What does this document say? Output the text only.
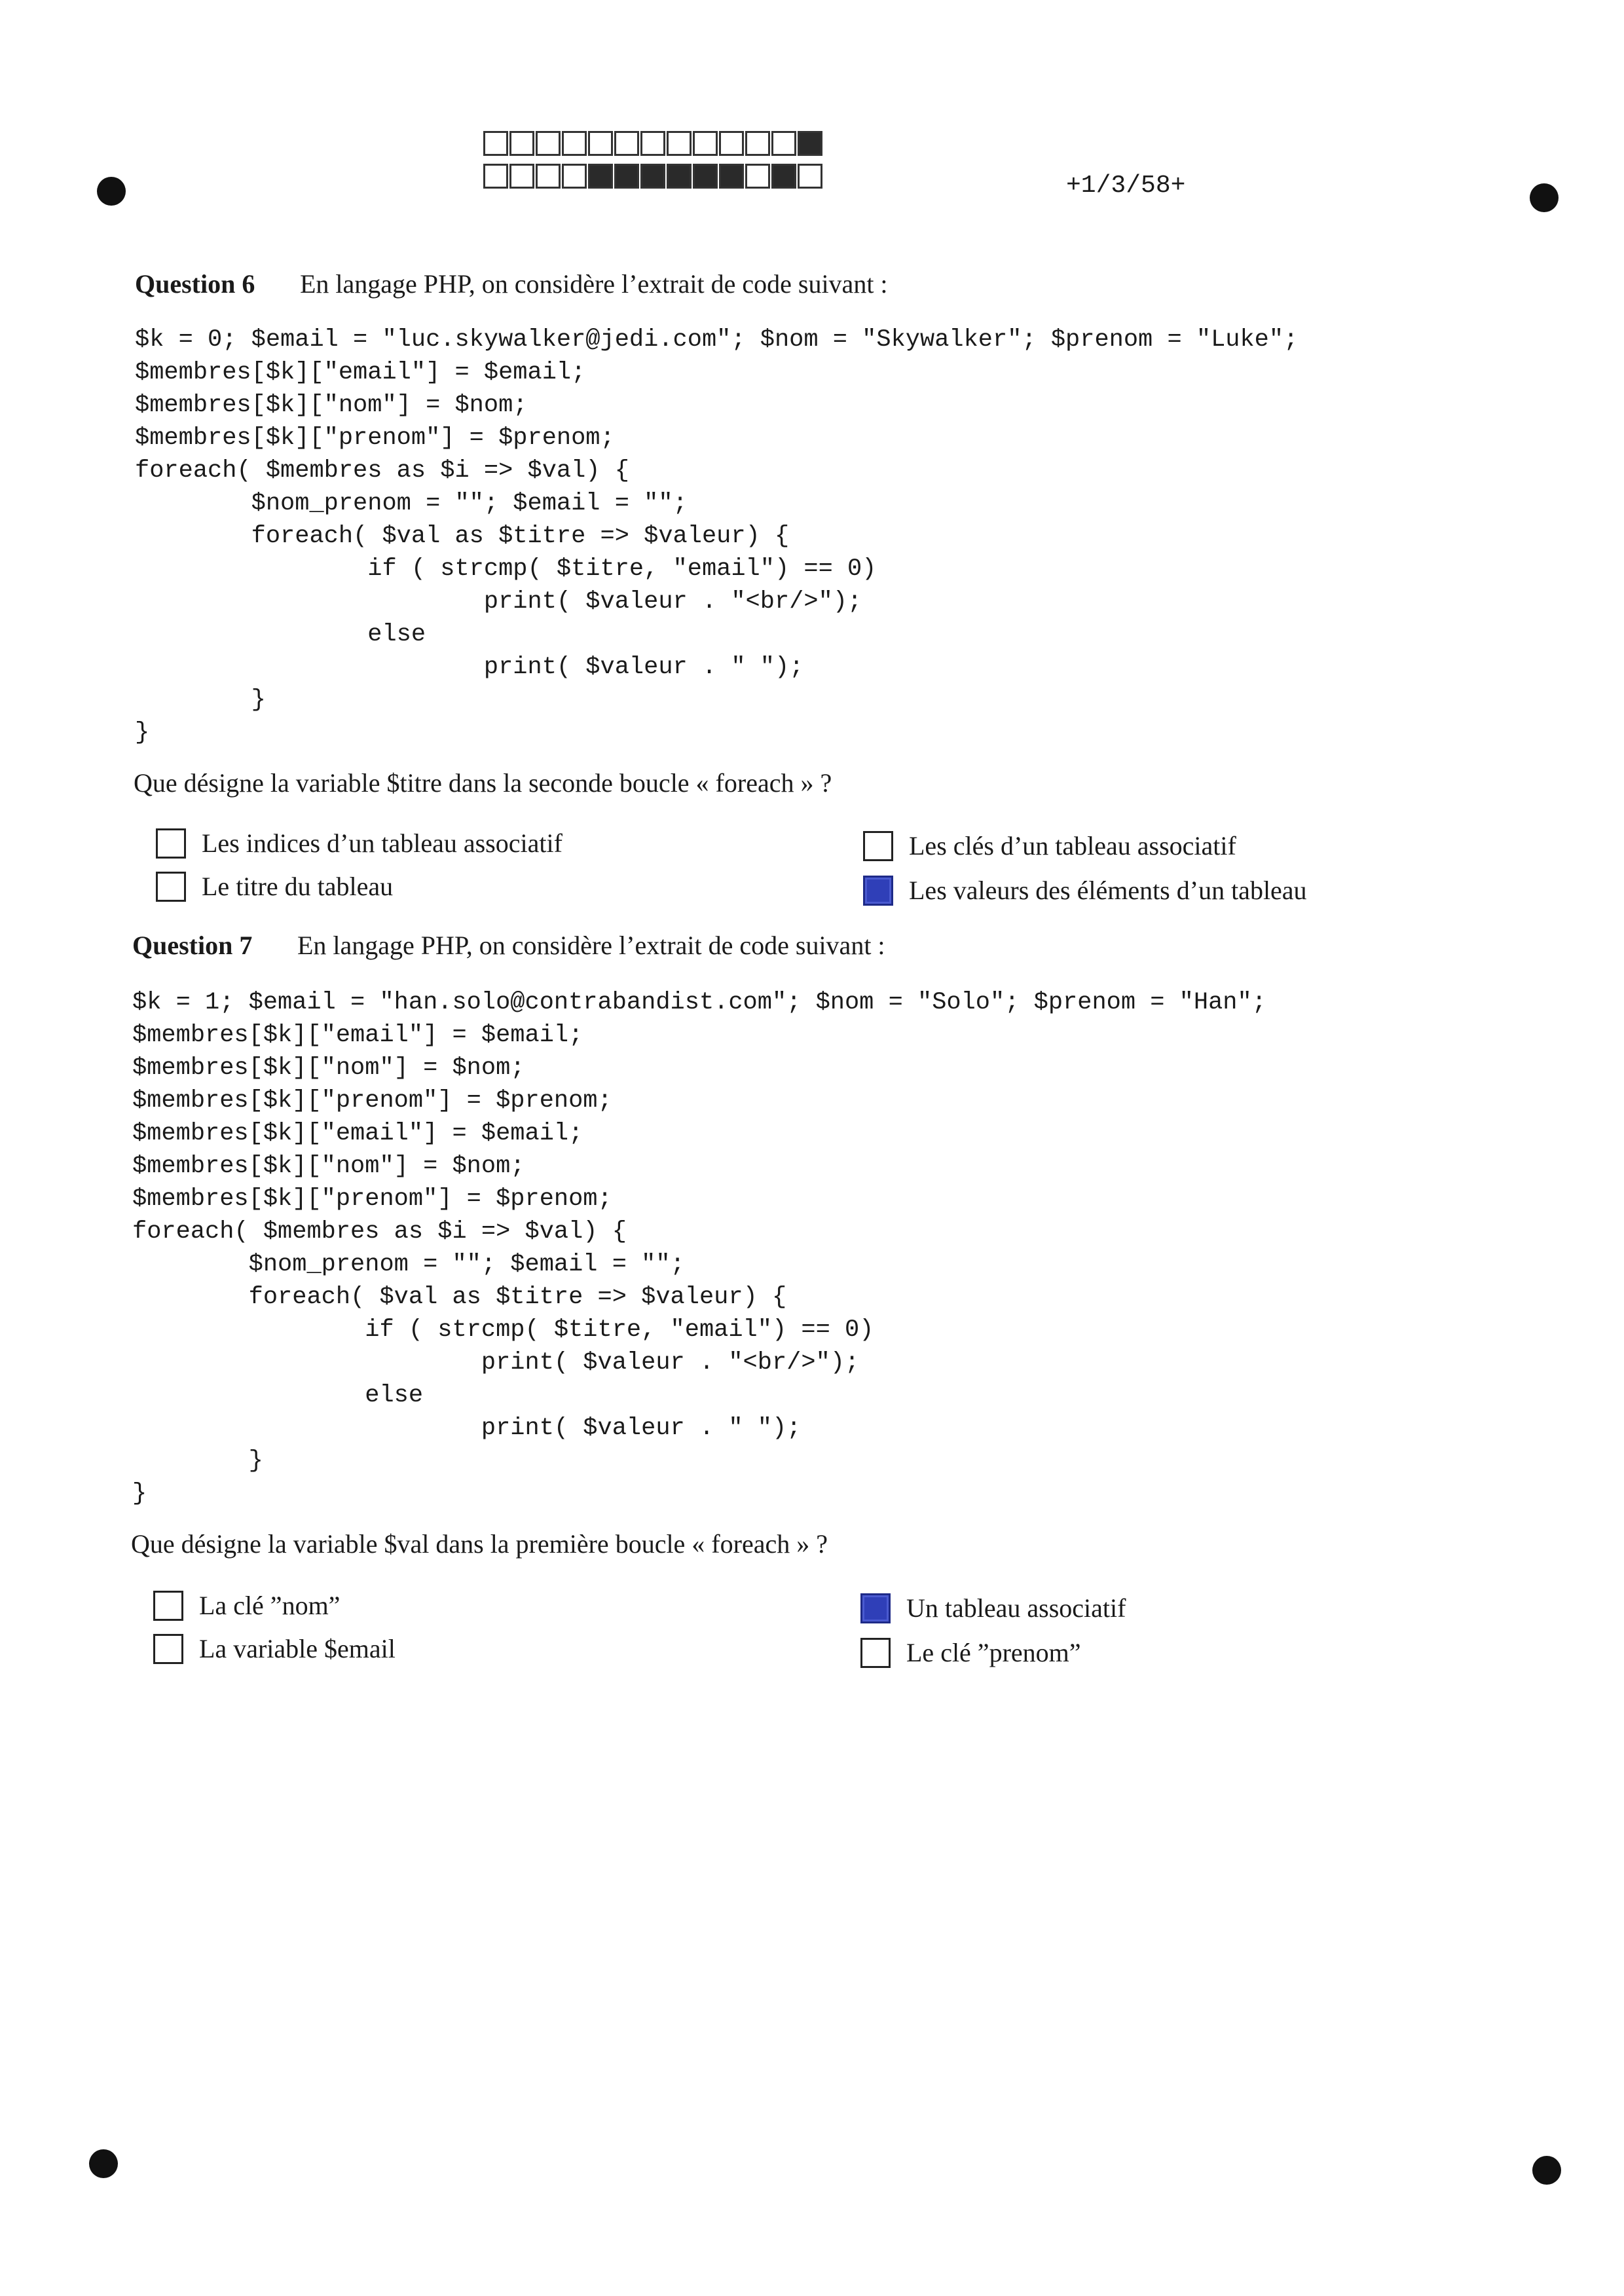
+1/3/58+
Question 6 En langage PHP, on considère l’extrait de code suivant :
$k = 0; $email = "luc.skywalker@jedi.com"; $nom = "Skywalker"; $prenom = "Luke";
$membres[$k]["email"] = $email;
$membres[$k]["nom"] = $nom;
$membres[$k]["prenom"] = $prenom;
foreach( $membres as $i => $val) {
$nom_prenom = ""; $email = "";
foreach( $val as $titre => $valeur) {
if ( strcmp( $titre, "email") == 0)
print( $valeur . "<br/>");
else
print( $valeur . " ");
}
}
Que désigne la variable $titre dans la seconde boucle « foreach » ?
Les indices d’un tableau associatif	Les clés d’un tableau associatif
Le titre du tableau	Les valeurs des éléments d’un tableau
Question 7 En langage PHP, on considère l’extrait de code suivant :
$k = 1; $email = "han.solo@contrabandist.com"; $nom = "Solo"; $prenom = "Han";
$membres[$k]["email"] = $email;
$membres[$k]["nom"] = $nom;
$membres[$k]["prenom"] = $prenom;
$membres[$k]["email"] = $email;
$membres[$k]["nom"] = $nom;
$membres[$k]["prenom"] = $prenom;
foreach( $membres as $i => $val) {
$nom_prenom = ""; $email = "";
foreach( $val as $titre => $valeur) {
if ( strcmp( $titre, "email") == 0)
print( $valeur . "<br/>");
else
print( $valeur . " ");
}
}
Que désigne la variable $val dans la première boucle « foreach » ?
La clé ”nom”	Un tableau associatif
La variable $email	Le clé ”prenom”
